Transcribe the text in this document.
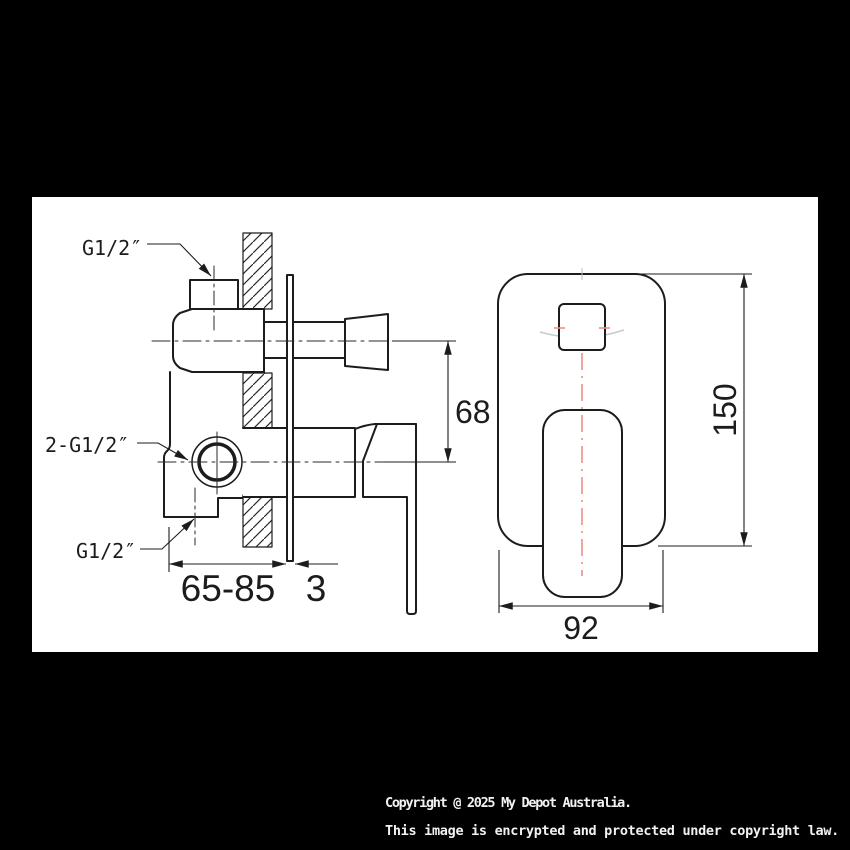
G1/2″
2-G1/2″
G1/2″
68
65-85 3
150
92
Copyright @ 2025 My Depot Australia.
This image is encrypted and protected under copyright law.
